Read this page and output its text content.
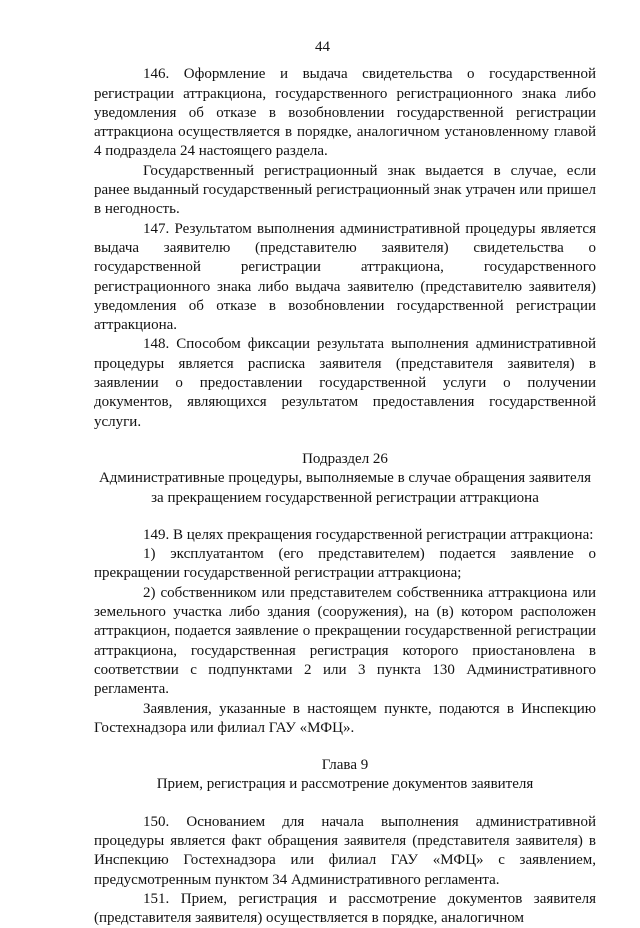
44

146. Оформление и выдача свидетельства о государственной регистрации аттракциона, государственного регистрационного знака либо уведомления об отказе в возобновлении государственной регистрации аттракциона осуществляется в порядке, аналогичном установленному главой 4 подраздела 24 настоящего раздела.

Государственный регистрационный знак выдается в случае, если ранее выданный государственный регистрационный знак утрачен или пришел в негодность.

147. Результатом выполнения административной процедуры является выдача заявителю (представителю заявителя) свидетельства о государственной регистрации аттракциона, государственного регистрационного знака либо выдача заявителю (представителю заявителя) уведомления об отказе в возобновлении государственной регистрации аттракциона.

148. Способом фиксации результата выполнения административной процедуры является расписка заявителя (представителя заявителя) в заявлении о предоставлении государственной услуги о получении документов, являющихся результатом предоставления государственной услуги.

Подраздел 26

Административные процедуры, выполняемые в случае обращения заявителя за прекращением государственной регистрации аттракциона

149. В целях прекращения государственной регистрации аттракциона:

1) эксплуатантом (его представителем) подается заявление о прекращении государственной регистрации аттракциона;

2) собственником или представителем собственника аттракциона или земельного участка либо здания (сооружения), на (в) котором расположен аттракцион, подается заявление о прекращении государственной регистрации аттракциона, государственная регистрация которого приостановлена в соответствии с подпунктами 2 или 3 пункта 130 Административного регламента.

Заявления, указанные в настоящем пункте, подаются в Инспекцию Гостехнадзора или филиал ГАУ «МФЦ».

Глава 9

Прием, регистрация и рассмотрение документов заявителя

150. Основанием для начала выполнения административной процедуры является факт обращения заявителя (представителя заявителя) в Инспекцию Гостехнадзора или филиал ГАУ «МФЦ» с заявлением, предусмотренным пунктом 34 Административного регламента.

151. Прием, регистрация и рассмотрение документов заявителя (представителя заявителя) осуществляется в порядке, аналогичном
